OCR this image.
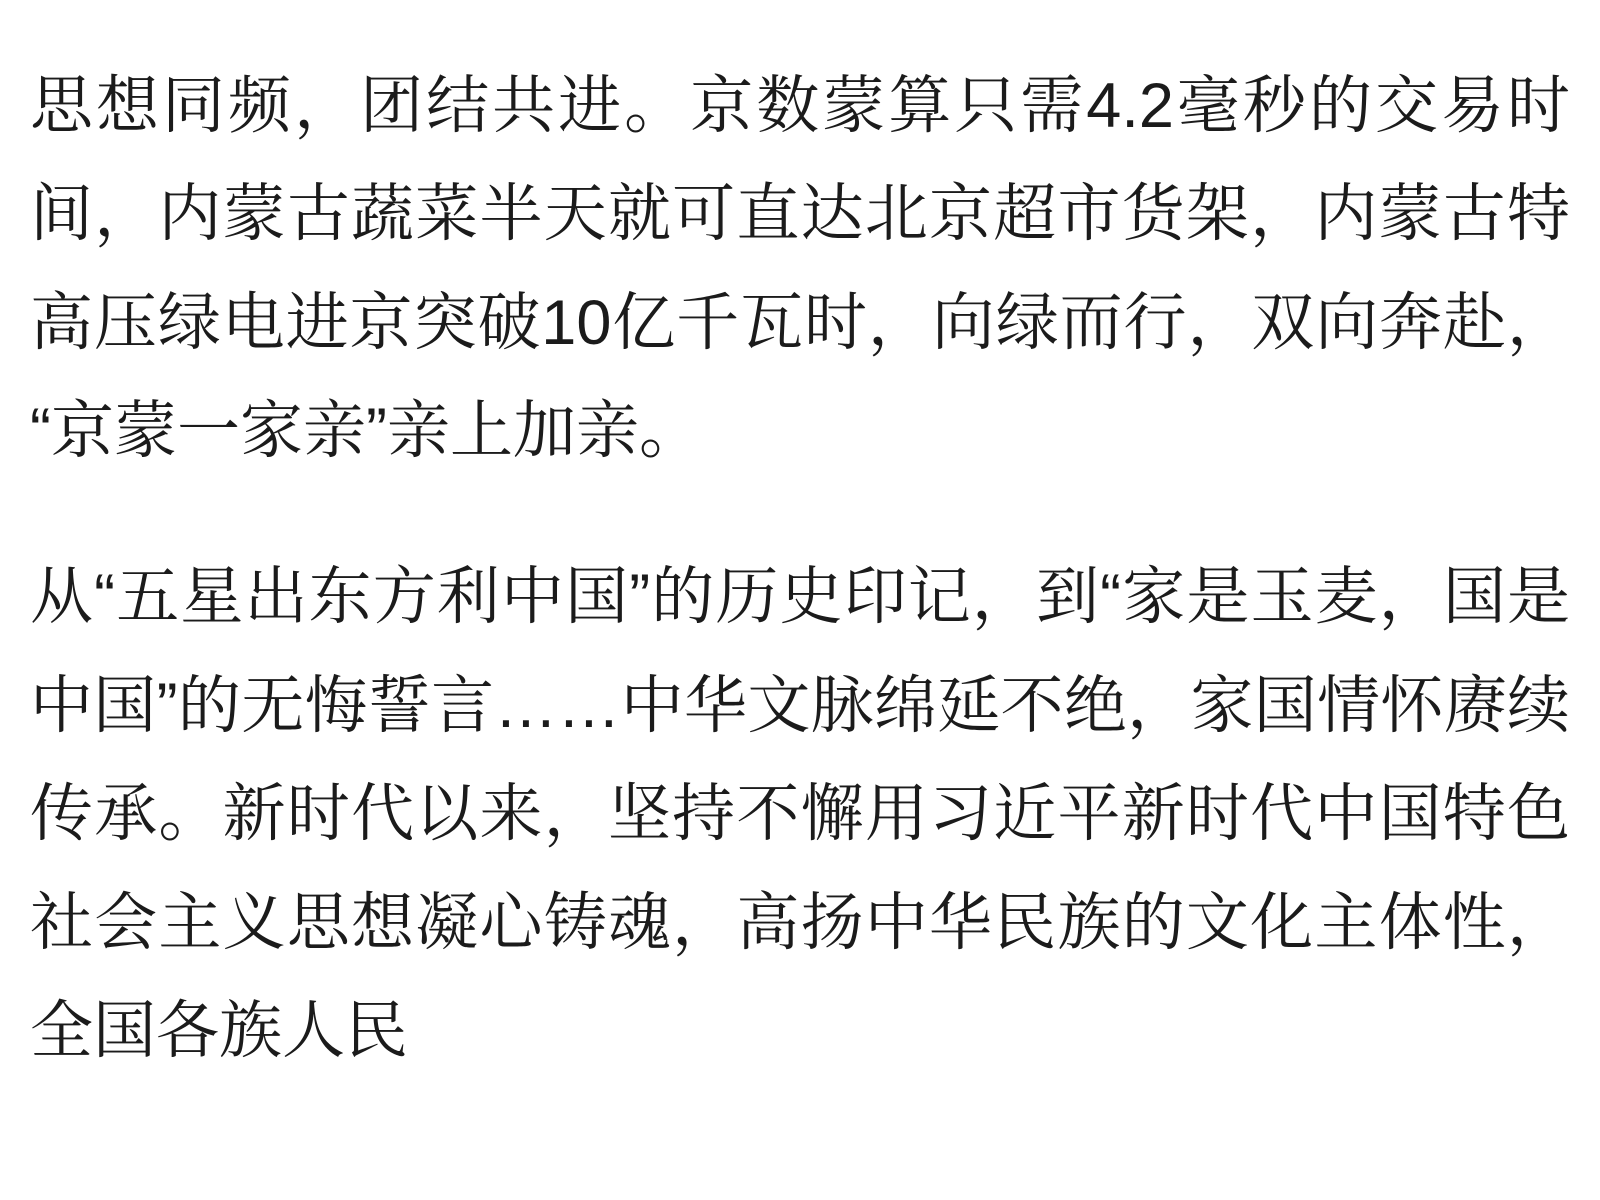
思想同频，团结共进。京数蒙算只需4.2毫秒的交易时间，内蒙古蔬菜半天就可直达北京超市货架，内蒙古特高压绿电进京突破10亿千瓦时，向绿而行，双向奔赴，“京蒙一家亲”亲上加亲。

从“五星出东方利中国”的历史印记，到“家是玉麦，国是中国”的无悔誓言……中华文脉绵延不绝，家国情怀赓续传承。新时代以来，坚持不懈用习近平新时代中国特色社会主义思想凝心铸魂，高扬中华民族的文化主体性，全国各族人民
